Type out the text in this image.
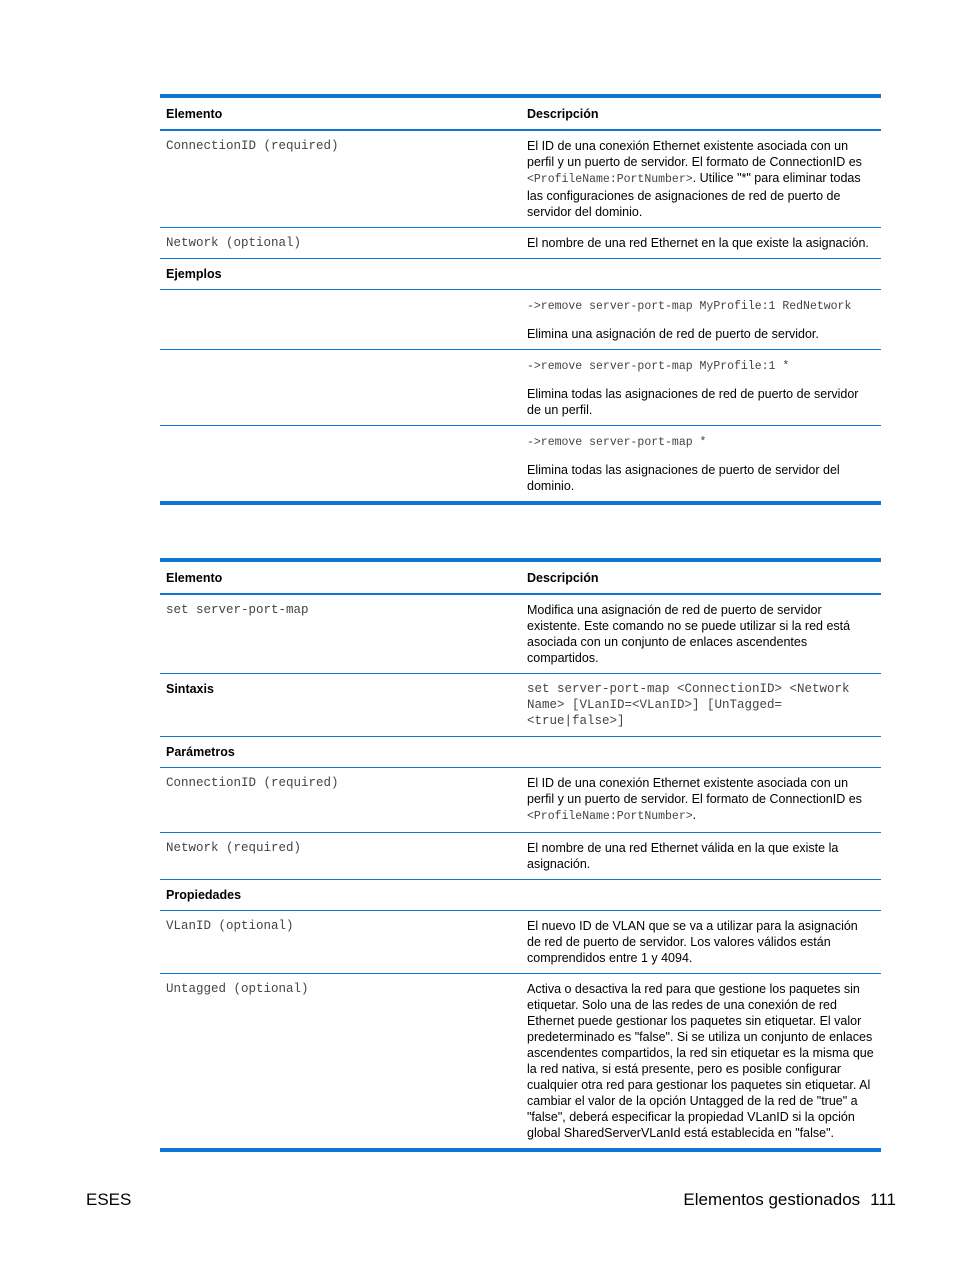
Elemento	Descripción
ConnectionID (required)	El ID de una conexión Ethernet existente asociada con un perfil y un puerto de servidor. El formato de ConnectionID es <ProfileName:PortNumber>. Utilice "*" para eliminar todas las configuraciones de asignaciones de red de puerto de servidor del dominio.
Network (optional)	El nombre de una red Ethernet en la que existe la asignación.
Ejemplos	
	->remove server-port-map MyProfile:1 RedNetwork
Elimina una asignación de red de puerto de servidor.
	->remove server-port-map MyProfile:1 *
Elimina todas las asignaciones de red de puerto de servidor de un perfil.
	->remove server-port-map *
Elimina todas las asignaciones de puerto de servidor del dominio.
Elemento	Descripción
set server-port-map	Modifica una asignación de red de puerto de servidor existente. Este comando no se puede utilizar si la red está asociada con un conjunto de enlaces ascendentes compartidos.
Sintaxis	set server-port-map <ConnectionID> <Network Name> [VLanID=<VLanID>] [UnTagged=<true|false>]
Parámetros	
ConnectionID (required)	El ID de una conexión Ethernet existente asociada con un perfil y un puerto de servidor. El formato de ConnectionID es <ProfileName:PortNumber>.
Network (required)	El nombre de una red Ethernet válida en la que existe la asignación.
Propiedades	
VLanID (optional)	El nuevo ID de VLAN que se va a utilizar para la asignación de red de puerto de servidor. Los valores válidos están comprendidos entre 1 y 4094.
Untagged (optional)	Activa o desactiva la red para que gestione los paquetes sin etiquetar. Solo una de las redes de una conexión de red Ethernet puede gestionar los paquetes sin etiquetar. El valor predeterminado es "false". Si se utiliza un conjunto de enlaces ascendentes compartidos, la red sin etiquetar es la misma que la red nativa, si está presente, pero es posible configurar cualquier otra red para gestionar los paquetes sin etiquetar. Al cambiar el valor de la opción Untagged de la red de "true" a "false", deberá especificar la propiedad VLanID si la opción global SharedServerVLanId está establecida en "false".
ESES	Elementos gestionados 111
